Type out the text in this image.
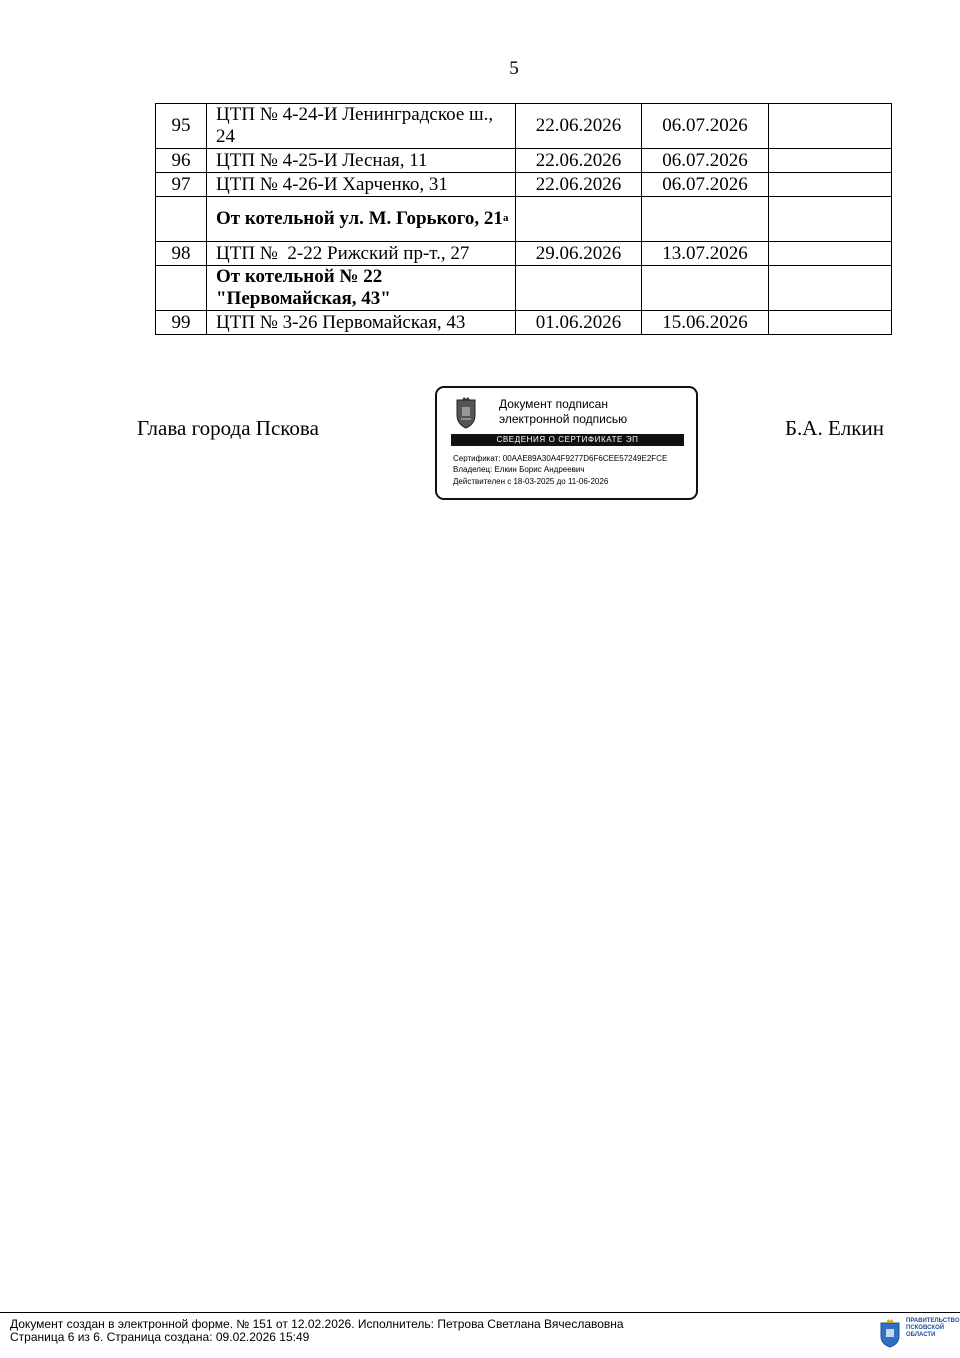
5
95	ЦТП № 4-24-И Ленинградское ш., 24	22.06.2026	06.07.2026	
96	ЦТП № 4-25-И Лесная, 11	22.06.2026	06.07.2026	
97	ЦТП № 4-26-И Харченко, 31	22.06.2026	06.07.2026	
	От котельной ул. М. Горького, $21^а$			
98	ЦТП №  2-22 Рижский пр-т., 27	29.06.2026	13.07.2026	

	От котельной № 22
"Первомайская, 43"			

99	ЦТП № 3-26 Первомайская, 43	01.06.2026	15.06.2026	
Глава города Пскова	Б.А. Елкин
Документ подписан
электронной подписью
СВЕДЕНИЯ О СЕРТИФИКАТЕ ЭП
Сертификат: 00AAE89A30A4F9277D6F6CEE57249E2FCE
Владелец: Елкин Борис Андреевич
Действителен с 18-03-2025 до 11-06-2026
Документ создан в электронной форме. № 151 от 12.02.2026. Исполнитель: Петрова Светлана Вячеславовна
Страница 6 из 6. Страница создана: 09.02.2026 15:49
ПРАВИТЕЛЬСТВО
ПСКОВСКОЙ
ОБЛАСТИ
